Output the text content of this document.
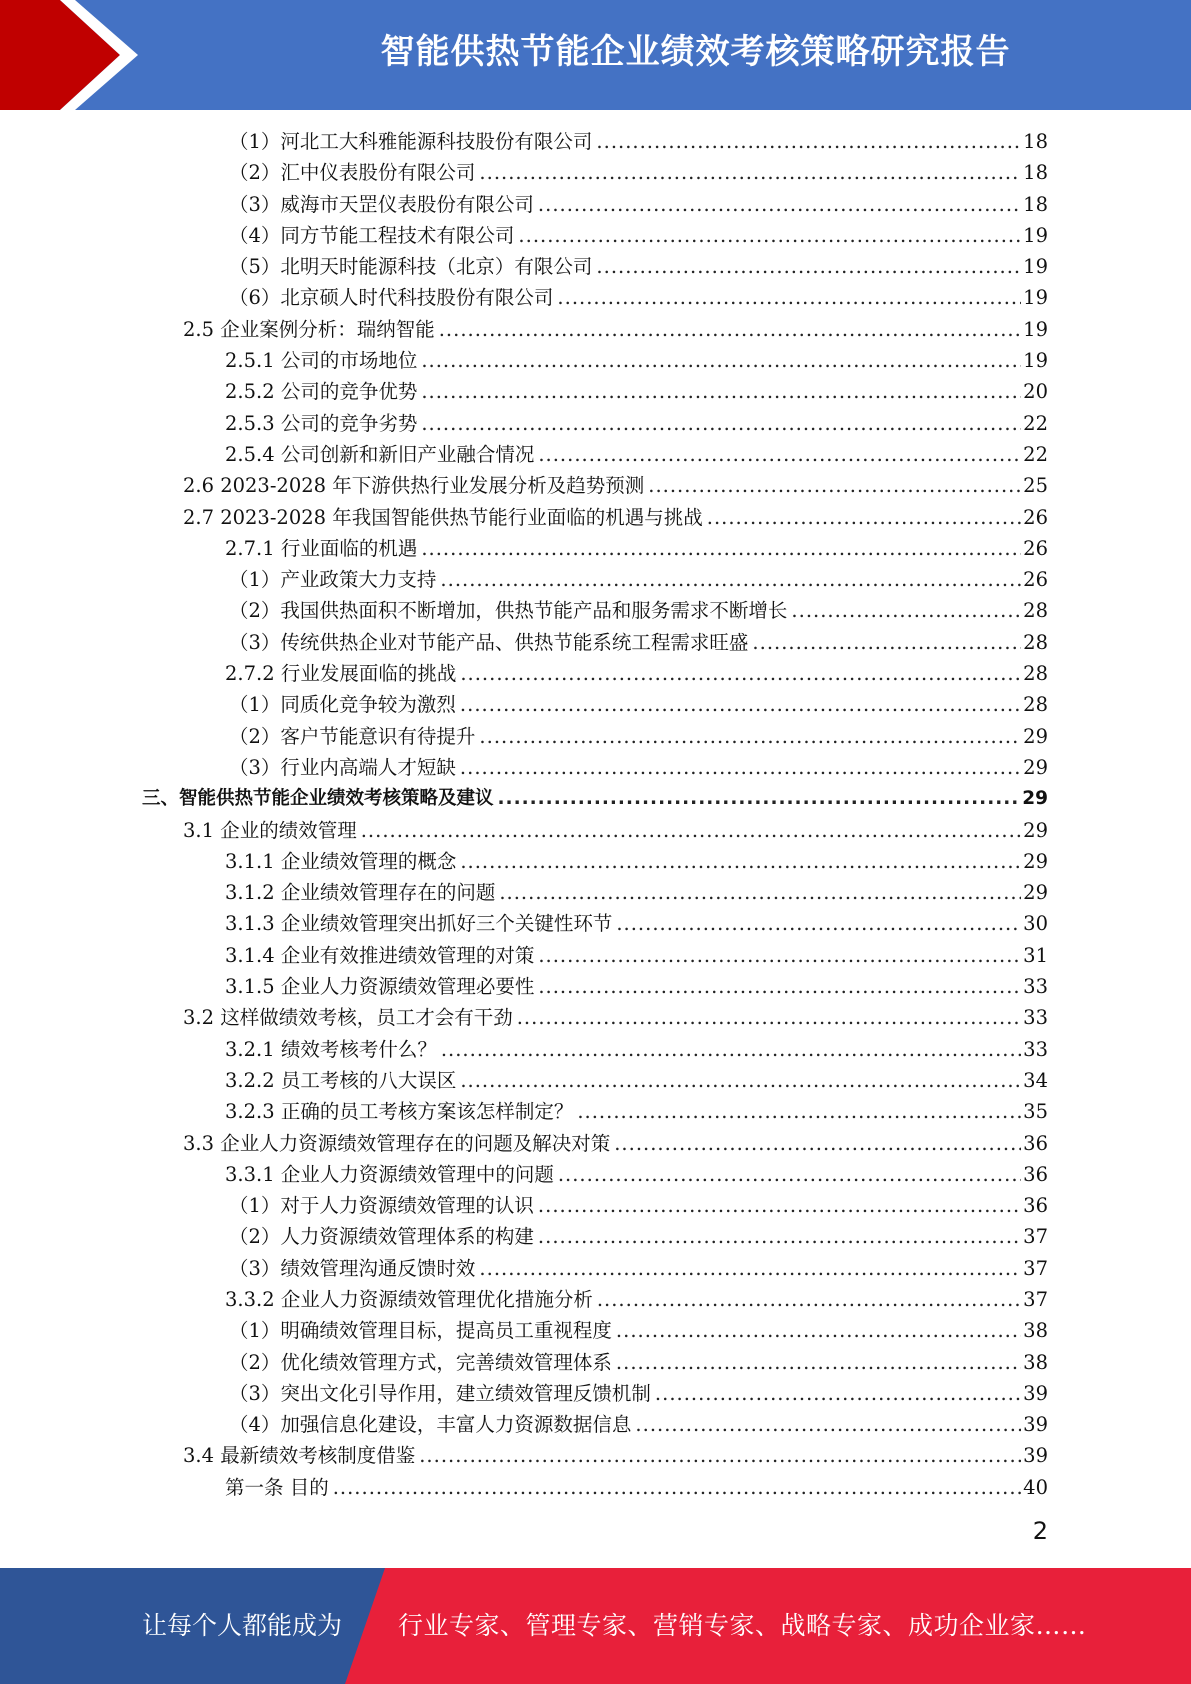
智能供热节能企业绩效考核策略研究报告
（1）河北工大科雅能源科技股份有限公司 .....	18
（2）汇中仪表股份有限公司 .....	18
（3）威海市天罡仪表股份有限公司 .....	18
（4）同方节能工程技术有限公司 .....	19
（5）北明天时能源科技（北京）有限公司 .....	19
（6）北京硕人时代科技股份有限公司 .....	19
2.5 企业案例分析：瑞纳智能 .....	19
2.5.1 公司的市场地位 .....	19
2.5.2 公司的竞争优势 .....	20
2.5.3 公司的竞争劣势 .....	22
2.5.4 公司创新和新旧产业融合情况 .....	22
2.6 2023-2028 年下游供热行业发展分析及趋势预测 .....	25
2.7 2023-2028 年我国智能供热节能行业面临的机遇与挑战 .....	26
2.7.1 行业面临的机遇 .....	26
（1）产业政策大力支持 .....	26
（2）我国供热面积不断增加，供热节能产品和服务需求不断增长 .....	28
（3）传统供热企业对节能产品、供热节能系统工程需求旺盛 .....	28
2.7.2 行业发展面临的挑战 .....	28
（1）同质化竞争较为激烈 .....	28
（2）客户节能意识有待提升 .....	29
（3）行业内高端人才短缺 .....	29
三、智能供热节能企业绩效考核策略及建议 .....	29
3.1 企业的绩效管理 .....	29
3.1.1 企业绩效管理的概念 .....	29
3.1.2 企业绩效管理存在的问题 .....	29
3.1.3 企业绩效管理突出抓好三个关键性环节 .....	30
3.1.4 企业有效推进绩效管理的对策 .....	31
3.1.5 企业人力资源绩效管理必要性 .....	33
3.2 这样做绩效考核，员工才会有干劲 .....	33
3.2.1 绩效考核考什么？ .....	33
3.2.2 员工考核的八大误区 .....	34
3.2.3 正确的员工考核方案该怎样制定？ .....	35
3.3 企业人力资源绩效管理存在的问题及解决对策 .....	36
3.3.1 企业人力资源绩效管理中的问题 .....	36
（1）对于人力资源绩效管理的认识 .....	36
（2）人力资源绩效管理体系的构建 .....	37
（3）绩效管理沟通反馈时效 .....	37
3.3.2 企业人力资源绩效管理优化措施分析 .....	37
（1）明确绩效管理目标，提高员工重视程度 .....	38
（2）优化绩效管理方式，完善绩效管理体系 .....	38
（3）突出文化引导作用，建立绩效管理反馈机制 .....	39
（4）加强信息化建设，丰富人力资源数据信息 .....	39
3.4 最新绩效考核制度借鉴 .....	39
第一条 目的 .....	40
2
让每个人都能成为 行业专家、管理专家、营销专家、战略专家、成功企业家……
